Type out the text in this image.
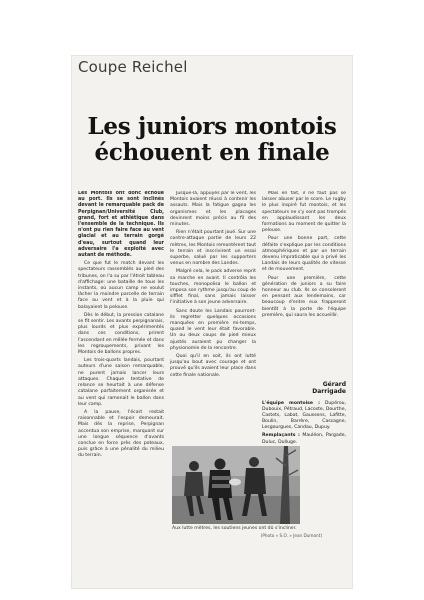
Coupe Reichel
Les juniors montois
échouent en finale

Les Montois ont donc échoué au port. Ils se sont inclinés devant le remarquable pack de Perpignan/Université Club, grand, fort et athlétique dans l'ensemble de la technique. Ils n'ont pu rien faire face au vent glacial et au terrain gorgé d'eau, surtout quand leur adversaire l'a exploité avec autant de méthode.

Ce que fut le match devant les spectateurs rassemblés au pied des tribunes, on l'a su par l'étroit tableau d'affichage: une bataille de tous les instants, où aucun camp ne voulut lâcher la moindre parcelle de terrain face au vent et à la pluie qui balayaient la pelouse.

Dès le début, la pression catalane se fit sentir. Les avants perpignanais, plus lourds et plus expérimentés dans ces conditions, prirent l'ascendant en mêlée fermée et dans les regroupements, privant les Montois de ballons propres.

Les trois-quarts landais, pourtant auteurs d'une saison remarquable, ne purent jamais lancer leurs attaques. Chaque tentative de relance se heurtait à une défense catalane parfaitement organisée et au vent qui ramenait le ballon dans leur camp.

A la pause, l'écart restait raisonnable et l'espoir demeurait. Mais dès la reprise, Perpignan accentua son emprise, marquant sur une longue séquence d'avants conclue en force près des poteaux, puis grâce à une pénalité du milieu du terrain.

Jusque-là, appuyés par le vent, les Montois avaient réussi à contenir les assauts. Mais la fatigue gagna les organismes et les placages devinrent moins précis au fil des minutes.

Rien n'était pourtant joué. Sur une contre-attaque partie de leurs 22 mètres, les Montois remontèrent tout le terrain et inscrivirent un essai superbe, salué par les supporters venus en nombre des Landes.

Malgré cela, le pack adverse reprit sa marche en avant. Il contrôla les touches, monopolisa le ballon et imposa son rythme jusqu'au coup de sifflet final, sans jamais laisser l'initiative à son jeune adversaire.

Sans doute les Landais pourront-ils regretter quelques occasions manquées en première mi-temps, quand le vent leur était favorable. Un ou deux coups de pied mieux ajustés auraient pu changer la physionomie de la rencontre.

Quoi qu'il en soit, ils ont lutté jusqu'au bout avec courage et ont prouvé qu'ils avaient leur place dans cette finale nationale.

Mais en fait, il ne faut pas se laisser abuser par le score. Le rugby le plus inspiré fut montois, et les spectateurs ne s'y sont pas trompés en applaudissant les deux formations au moment de quitter la pelouse.

Pour une bonne part, cette défaite s'explique par les conditions atmosphériques et par un terrain devenu impraticable qui a privé les Landais de leurs qualités de vitesse et de mouvement.

Pour une première, cette génération de juniors a su faire honneur au club. Ils se consoleront en pensant aux lendemains, car beaucoup d'entre eux frapperont bientôt à la porte de l'équipe première, qui saura les accueillir.

Gérard
Darrigade

L'équipe montoise : Dupérou, Dubouix, Pétraud, Lacoste, Dourthe, Castets, Labat, Gaussens, Lafitte, Boulin, Barrère, Cassagne, Lesgourgues, Candau, Dupuy.

Remplaçants : Mauléon, Pargade, Duluc, Dulluge.

Aux lutte mètres, les soutiens jeunes ont dû s'incliner.
(Photo « S.O. » Jean Dumont)
